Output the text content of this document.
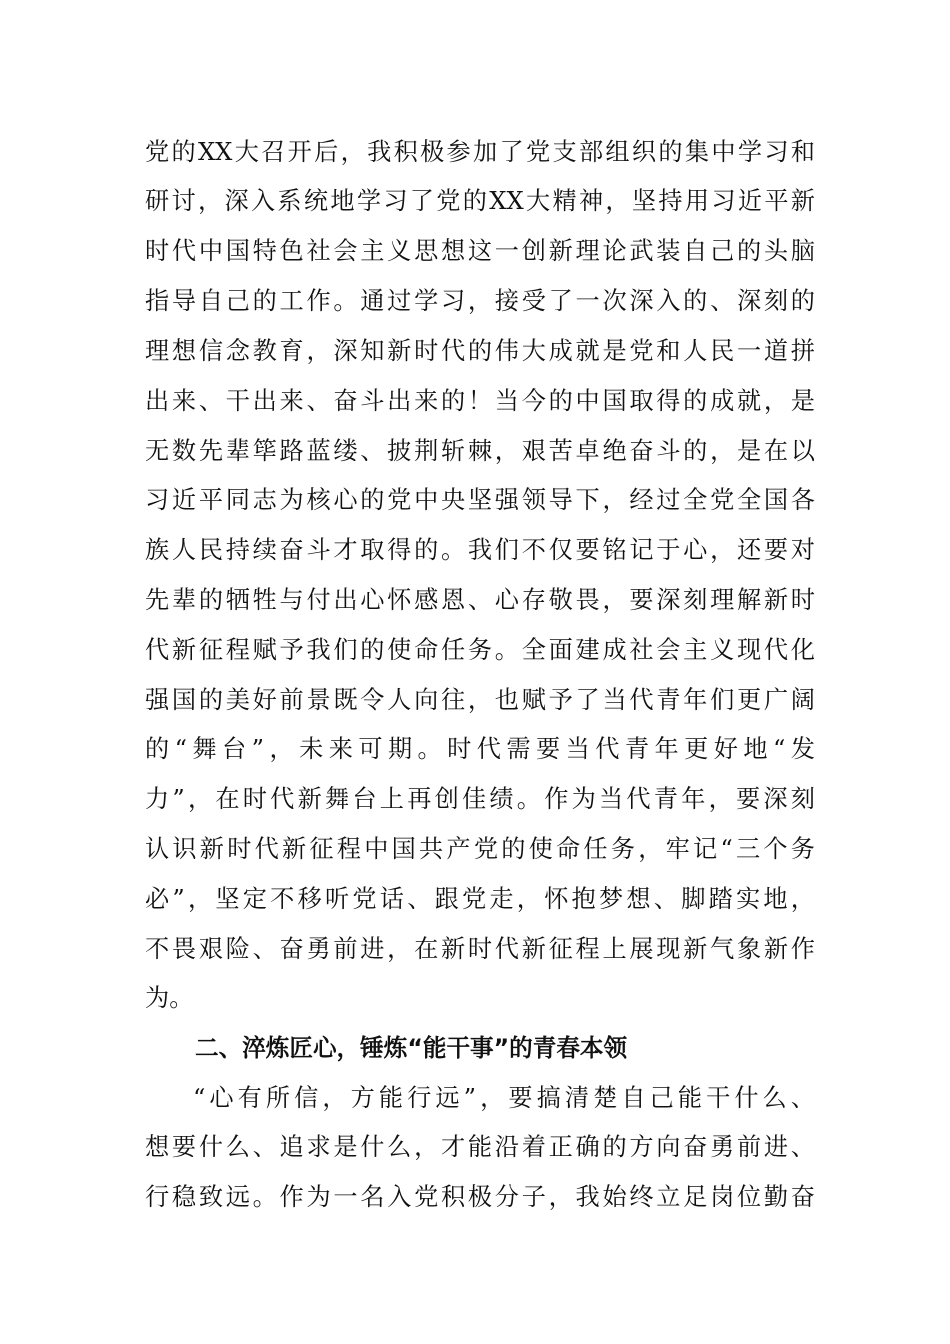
党的XX大召开后，我积极参加了党支部组织的集中学习和
研讨，深入系统地学习了党的XX大精神，坚持用习近平新
时代中国特色社会主义思想这一创新理论武装自己的头脑
指导自己的工作。通过学习，接受了一次深入的、深刻的
理想信念教育，深知新时代的伟大成就是党和人民一道拼
出来、干出来、奋斗出来的！当今的中国取得的成就，是
无数先辈筚路蓝缕、披荆斩棘，艰苦卓绝奋斗的，是在以
习近平同志为核心的党中央坚强领导下，经过全党全国各
族人民持续奋斗才取得的。我们不仅要铭记于心，还要对
先辈的牺牲与付出心怀感恩、心存敬畏，要深刻理解新时
代新征程赋予我们的使命任务。全面建成社会主义现代化
强国的美好前景既令人向往，也赋予了当代青年们更广阔
的“舞台”，未来可期。时代需要当代青年更好地“发
力”，在时代新舞台上再创佳绩。作为当代青年，要深刻
认识新时代新征程中国共产党的使命任务，牢记“三个务
必”，坚定不移听党话、跟党走，怀抱梦想、脚踏实地，
不畏艰险、奋勇前进，在新时代新征程上展现新气象新作
为。
二、淬炼匠心，锤炼“能干事”的青春本领
“心有所信，方能行远”，要搞清楚自己能干什么、
想要什么、追求是什么，才能沿着正确的方向奋勇前进、
行稳致远。作为一名入党积极分子，我始终立足岗位勤奋
